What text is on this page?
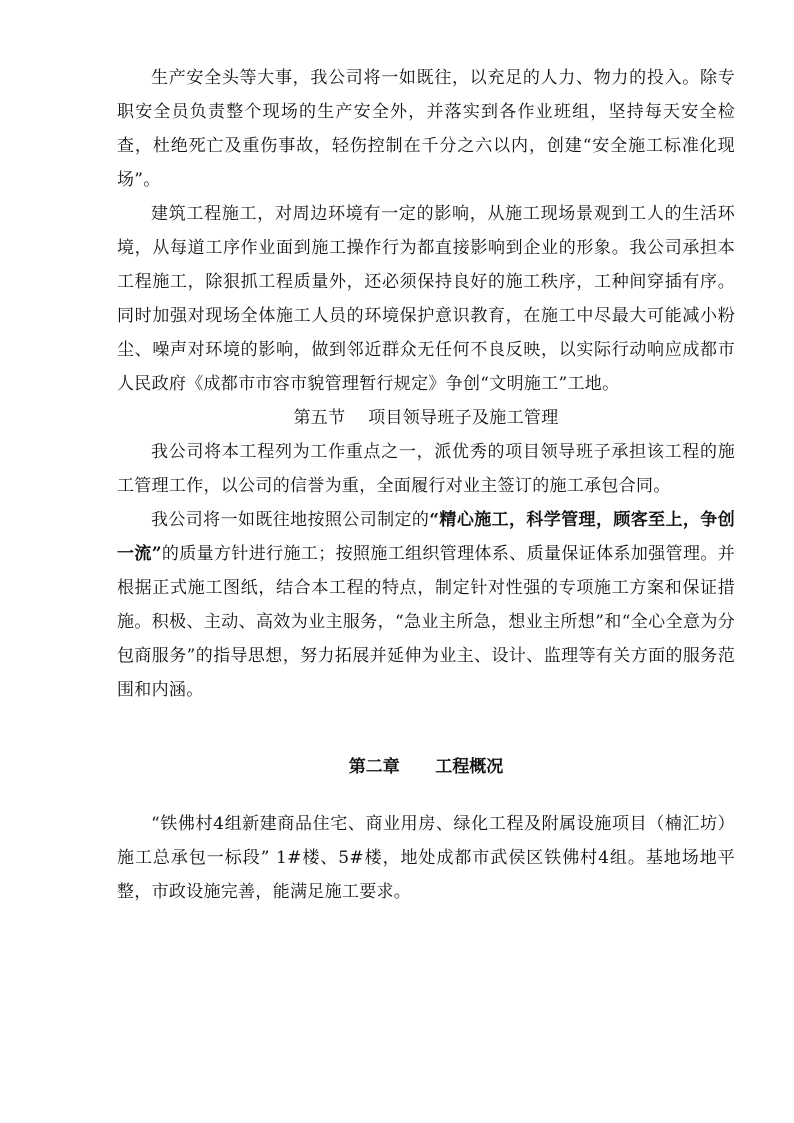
生产安全头等大事，我公司将一如既往，以充足的人力、物力的投入。除专职安全员负责整个现场的生产安全外，并落实到各作业班组，坚持每天安全检查，杜绝死亡及重伤事故，轻伤控制在千分之六以内，创建“安全施工标准化现场”。

建筑工程施工，对周边环境有一定的影响，从施工现场景观到工人的生活环境，从每道工序作业面到施工操作行为都直接影响到企业的形象。我公司承担本工程施工，除狠抓工程质量外，还必须保持良好的施工秩序，工种间穿插有序。同时加强对现场全体施工人员的环境保护意识教育，在施工中尽最大可能减小粉尘、噪声对环境的影响，做到邻近群众无任何不良反映，以实际行动响应成都市人民政府《成都市市容市貌管理暂行规定》争创“文明施工”工地。

第五节    项目领导班子及施工管理

我公司将本工程列为工作重点之一，派优秀的项目领导班子承担该工程的施工管理工作，以公司的信誉为重，全面履行对业主签订的施工承包合同。

我公司将一如既往地按照公司制定的“精心施工，科学管理，顾客至上，争创一流”的质量方针进行施工；按照施工组织管理体系、质量保证体系加强管理。并根据正式施工图纸，结合本工程的特点，制定针对性强的专项施工方案和保证措施。积极、主动、高效为业主服务，“急业主所急，想业主所想”和“全心全意为分包商服务”的指导思想，努力拓展并延伸为业主、设计、监理等有关方面的服务范围和内涵。

第二章      工程概况

“铁佛村4组新建商品住宅、商业用房、绿化工程及附属设施项目（楠汇坊）施工总承包一标段” 1#楼、5#楼，地处成都市武侯区铁佛村4组。基地场地平整，市政设施完善，能满足施工要求。
